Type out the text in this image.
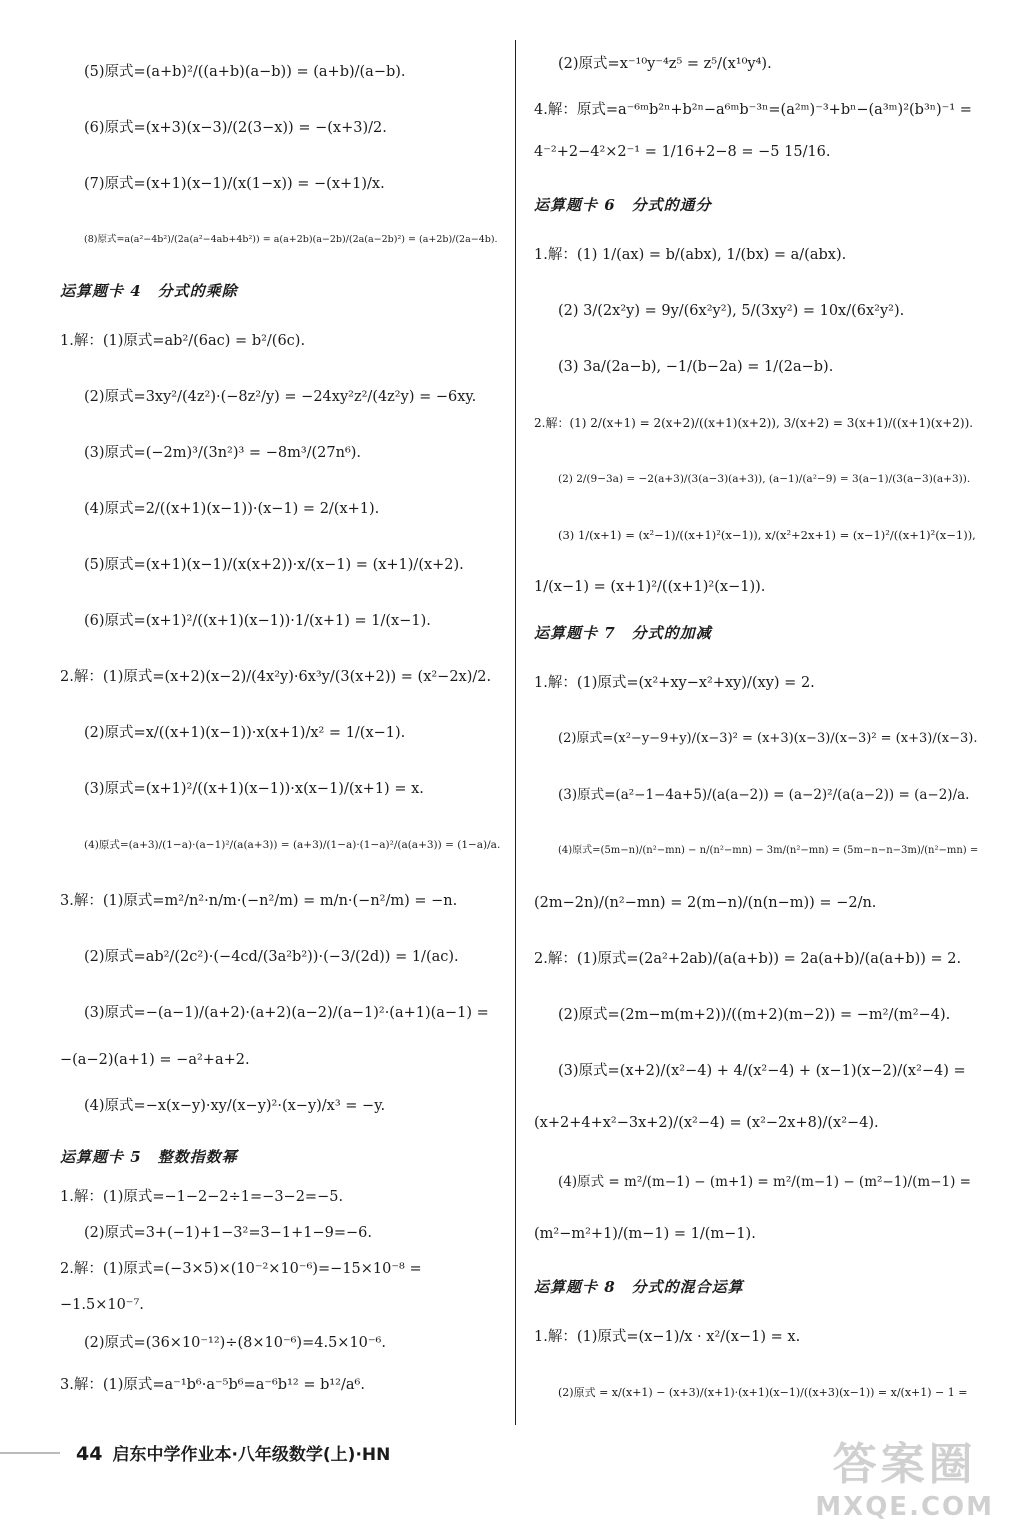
(5)原式=(a+b)²/((a+b)(a−b)) = (a+b)/(a−b).
(6)原式=(x+3)(x−3)/(2(3−x)) = −(x+3)/2.
(7)原式=(x+1)(x−1)/(x(1−x)) = −(x+1)/x.
(8)原式=a(a²−4b²)/(2a(a²−4ab+4b²)) = a(a+2b)(a−2b)/(2a(a−2b)²) = (a+2b)/(2a−4b).
运算题卡 4　分式的乘除
1.解：(1)原式=ab²/(6ac) = b²/(6c).
(2)原式=3xy²/(4z²)·(−8z²/y) = −24xy²z²/(4z²y) = −6xy.
(3)原式=(−2m)³/(3n²)³ = −8m³/(27n⁶).
(4)原式=2/((x+1)(x−1))·(x−1) = 2/(x+1).
(5)原式=(x+1)(x−1)/(x(x+2))·x/(x−1) = (x+1)/(x+2).
(6)原式=(x+1)²/((x+1)(x−1))·1/(x+1) = 1/(x−1).
2.解：(1)原式=(x+2)(x−2)/(4x²y)·6x³y/(3(x+2)) = (x²−2x)/2.
(2)原式=x/((x+1)(x−1))·x(x+1)/x² = 1/(x−1).
(3)原式=(x+1)²/((x+1)(x−1))·x(x−1)/(x+1) = x.
(4)原式=(a+3)/(1−a)·(a−1)²/(a(a+3)) = (a+3)/(1−a)·(1−a)²/(a(a+3)) = (1−a)/a.
3.解：(1)原式=m²/n²·n/m·(−n²/m) = m/n·(−n²/m) = −n.
(2)原式=ab²/(2c²)·(−4cd/(3a²b²))·(−3/(2d)) = 1/(ac).
(3)原式=−(a−1)/(a+2)·(a+2)(a−2)/(a−1)²·(a+1)(a−1) =
−(a−2)(a+1) = −a²+a+2.
(4)原式=−x(x−y)·xy/(x−y)²·(x−y)/x³ = −y.
运算题卡 5　整数指数幂
1.解：(1)原式=−1−2−2÷1=−3−2=−5.
(2)原式=3+(−1)+1−3²=3−1+1−9=−6.
2.解：(1)原式=(−3×5)×(10⁻²×10⁻⁶)=−15×10⁻⁸ =
−1.5×10⁻⁷.
(2)原式=(36×10⁻¹²)÷(8×10⁻⁶)=4.5×10⁻⁶.
3.解：(1)原式=a⁻¹b⁶·a⁻⁵b⁶=a⁻⁶b¹² = b¹²/a⁶.
(2)原式=x⁻¹⁰y⁻⁴z⁵ = z⁵/(x¹⁰y⁴).
4.解：原式=a⁻⁶ᵐb²ⁿ+b²ⁿ−a⁶ᵐb⁻³ⁿ=(a²ᵐ)⁻³+bⁿ−(a³ᵐ)²(b³ⁿ)⁻¹ =
4⁻²+2−4²×2⁻¹ = 1/16+2−8 = −5 15/16.
运算题卡 6　分式的通分
1.解：(1) 1/(ax) = b/(abx), 1/(bx) = a/(abx).
(2) 3/(2x²y) = 9y/(6x²y²), 5/(3xy²) = 10x/(6x²y²).
(3) 3a/(2a−b), −1/(b−2a) = 1/(2a−b).
2.解：(1) 2/(x+1) = 2(x+2)/((x+1)(x+2)), 3/(x+2) = 3(x+1)/((x+1)(x+2)).
(2) 2/(9−3a) = −2(a+3)/(3(a−3)(a+3)), (a−1)/(a²−9) = 3(a−1)/(3(a−3)(a+3)).
(3) 1/(x+1) = (x²−1)/((x+1)²(x−1)), x/(x²+2x+1) = (x−1)²/((x+1)²(x−1)),
1/(x−1) = (x+1)²/((x+1)²(x−1)).
运算题卡 7　分式的加减
1.解：(1)原式=(x²+xy−x²+xy)/(xy) = 2.
(2)原式=(x²−y−9+y)/(x−3)² = (x+3)(x−3)/(x−3)² = (x+3)/(x−3).
(3)原式=(a²−1−4a+5)/(a(a−2)) = (a−2)²/(a(a−2)) = (a−2)/a.
(4)原式=(5m−n)/(n²−mn) − n/(n²−mn) − 3m/(n²−mn) = (5m−n−n−3m)/(n²−mn) =
(2m−2n)/(n²−mn) = 2(m−n)/(n(n−m)) = −2/n.
2.解：(1)原式=(2a²+2ab)/(a(a+b)) = 2a(a+b)/(a(a+b)) = 2.
(2)原式=(2m−m(m+2))/((m+2)(m−2)) = −m²/(m²−4).
(3)原式=(x+2)/(x²−4) + 4/(x²−4) + (x−1)(x−2)/(x²−4) =
(x+2+4+x²−3x+2)/(x²−4) = (x²−2x+8)/(x²−4).
(4)原式 = m²/(m−1) − (m+1) = m²/(m−1) − (m²−1)/(m−1) =
(m²−m²+1)/(m−1) = 1/(m−1).
运算题卡 8　分式的混合运算
1.解：(1)原式=(x−1)/x · x²/(x−1) = x.
(2)原式 = x/(x+1) − (x+3)/(x+1)·(x+1)(x−1)/((x+3)(x−1)) = x/(x+1) − 1 =
44 启东中学作业本·八年级数学(上)·HN	答案圈
MXQE.COM
